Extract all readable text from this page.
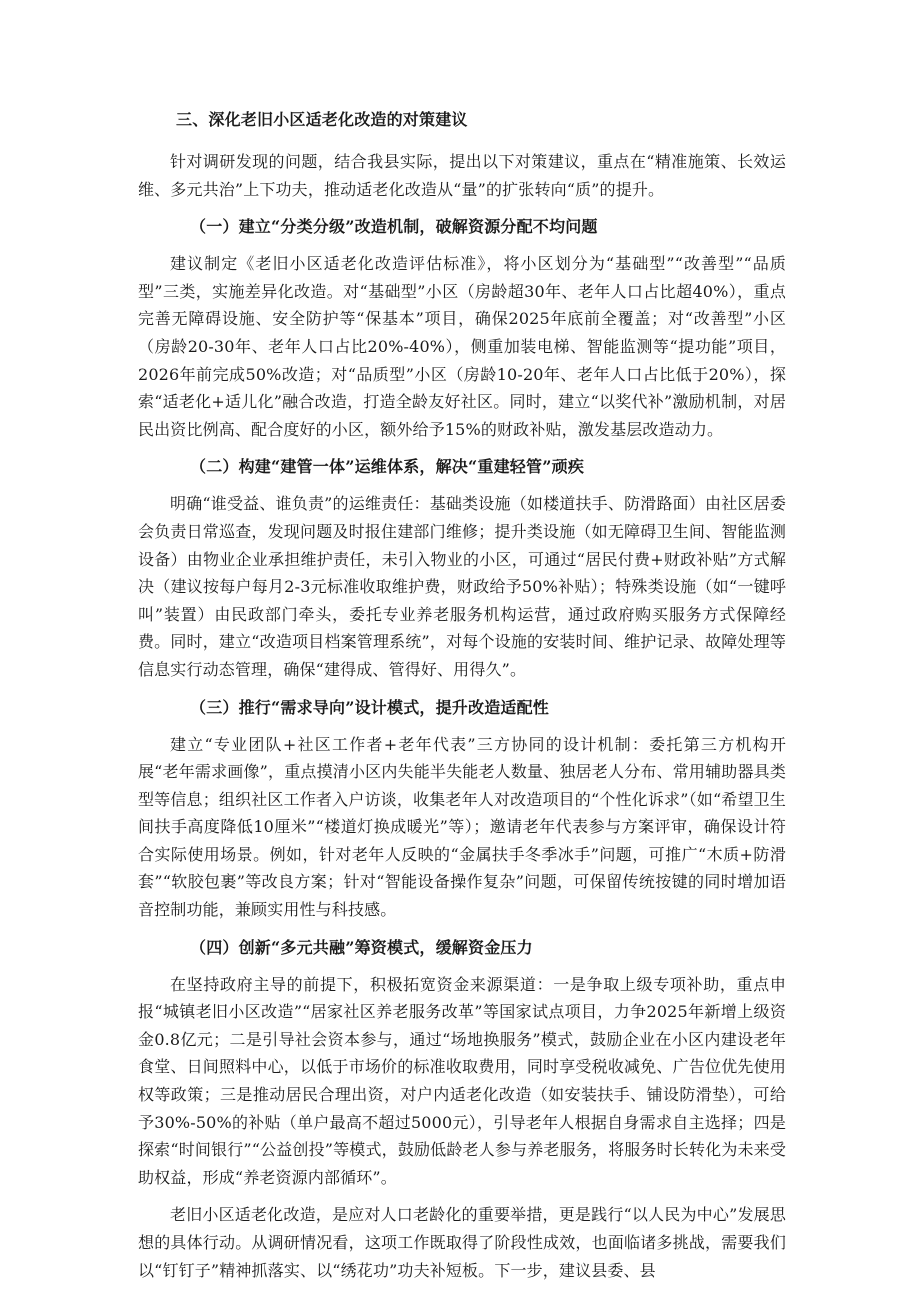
三、深化老旧小区适老化改造的对策建议

针对调研发现的问题，结合我县实际，提出以下对策建议，重点在“精准施策、长效运维、多元共治”上下功夫，推动适老化改造从“量”的扩张转向“质”的提升。

（一）建立“分类分级”改造机制，破解资源分配不均问题

建议制定《老旧小区适老化改造评估标准》，将小区划分为“基础型”“改善型”“品质型”三类，实施差异化改造。对“基础型”小区（房龄超30年、老年人口占比超40%），重点完善无障碍设施、安全防护等“保基本”项目，确保2025年底前全覆盖；对“改善型”小区（房龄20-30年、老年人口占比20%-40%），侧重加装电梯、智能监测等“提功能”项目，2026年前完成50%改造；对“品质型”小区（房龄10-20年、老年人口占比低于20%），探索“适老化+适儿化”融合改造，打造全龄友好社区。同时，建立“以奖代补”激励机制，对居民出资比例高、配合度好的小区，额外给予15%的财政补贴，激发基层改造动力。

（二）构建“建管一体”运维体系，解决“重建轻管”顽疾

明确“谁受益、谁负责”的运维责任：基础类设施（如楼道扶手、防滑路面）由社区居委会负责日常巡查，发现问题及时报住建部门维修；提升类设施（如无障碍卫生间、智能监测设备）由物业企业承担维护责任，未引入物业的小区，可通过“居民付费+财政补贴”方式解决（建议按每户每月2-3元标准收取维护费，财政给予50%补贴）；特殊类设施（如“一键呼叫”装置）由民政部门牵头，委托专业养老服务机构运营，通过政府购买服务方式保障经费。同时，建立“改造项目档案管理系统”，对每个设施的安装时间、维护记录、故障处理等信息实行动态管理，确保“建得成、管得好、用得久”。

（三）推行“需求导向”设计模式，提升改造适配性

建立“专业团队+社区工作者+老年代表”三方协同的设计机制：委托第三方机构开展“老年需求画像”，重点摸清小区内失能半失能老人数量、独居老人分布、常用辅助器具类型等信息；组织社区工作者入户访谈，收集老年人对改造项目的“个性化诉求”（如“希望卫生间扶手高度降低10厘米”“楼道灯换成暖光”等）；邀请老年代表参与方案评审，确保设计符合实际使用场景。例如，针对老年人反映的“金属扶手冬季冰手”问题，可推广“木质+防滑套”“软胶包裹”等改良方案；针对“智能设备操作复杂”问题，可保留传统按键的同时增加语音控制功能，兼顾实用性与科技感。

（四）创新“多元共融”筹资模式，缓解资金压力

在坚持政府主导的前提下，积极拓宽资金来源渠道：一是争取上级专项补助，重点申报“城镇老旧小区改造”“居家社区养老服务改革”等国家试点项目，力争2025年新增上级资金0.8亿元；二是引导社会资本参与，通过“场地换服务”模式，鼓励企业在小区内建设老年食堂、日间照料中心，以低于市场价的标准收取费用，同时享受税收减免、广告位优先使用权等政策；三是推动居民合理出资，对户内适老化改造（如安装扶手、铺设防滑垫），可给予30%-50%的补贴（单户最高不超过5000元），引导老年人根据自身需求自主选择；四是探索“时间银行”“公益创投”等模式，鼓励低龄老人参与养老服务，将服务时长转化为未来受助权益，形成“养老资源内部循环”。

老旧小区适老化改造，是应对人口老龄化的重要举措，更是践行“以人民为中心”发展思想的具体行动。从调研情况看，这项工作既取得了阶段性成效，也面临诸多挑战，需要我们以“钉钉子”精神抓落实、以“绣花功”功夫补短板。下一步，建议县委、县
